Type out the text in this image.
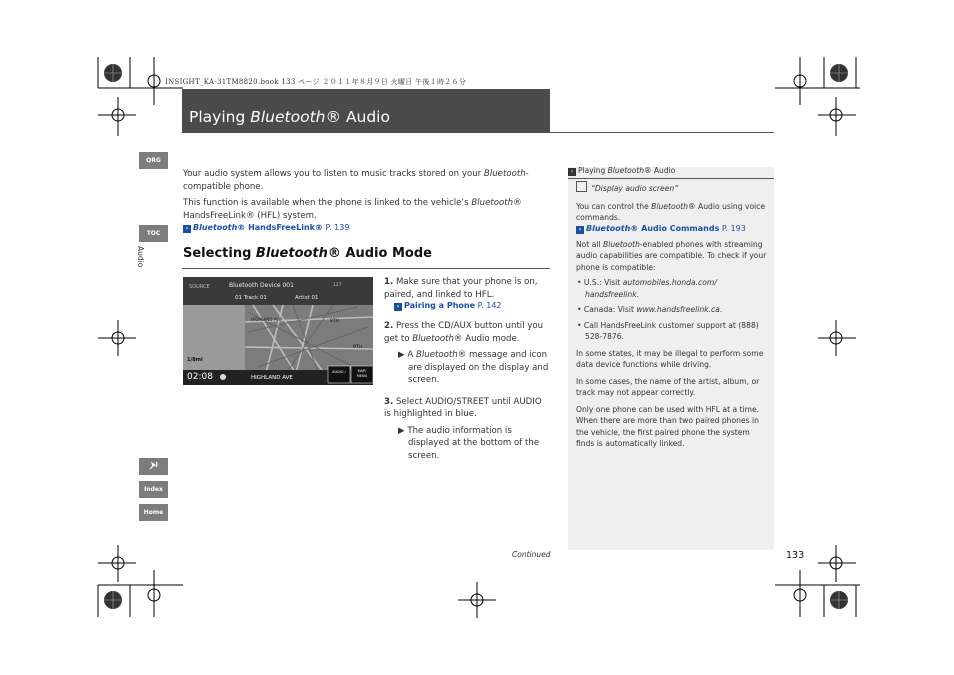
INSIGHT_KA-31TM8820.book 133 ページ ２０１１年８月９日 火曜日 午後１時２６分
Playing Bluetooth® Audio
QRG
TOC
Audio
Index
Home

Your audio system allows you to listen to music tracks stored on your Bluetooth-compatible phone.

This function is available when the phone is linked to the vehicle’s Bluetooth® HandsFreeLink® (HFL) system.

› Bluetooth® HandsFreeLink® P. 139
Selecting Bluetooth® Audio Mode
SOURCE	Bluetooth Device 001	127
01 Track 01	Artist 01
HIGHLAND AVE	8TH
9TH
1/8mi
02:08	HIGHLAND AVE
AUDIO /	MAP/ MENU

1. Make sure that your phone is on, paired, and linked to HFL.

› Pairing a Phone P. 142

2. Press the CD/AUX button until you get to Bluetooth® Audio mode.

▶ A Bluetooth® message and icon are displayed on the display and screen.

3. Select AUDIO/STREET until AUDIO is highlighted in blue.

▶ The audio information is displayed at the bottom of the screen.

› Playing Bluetooth® Audio

“Display audio screen”

You can control the Bluetooth® Audio using voice commands.

› Bluetooth® Audio Commands P. 193

Not all Bluetooth-enabled phones with streaming audio capabilities are compatible. To check if your phone is compatible:

• U.S.: Visit automobiles.honda.com/ handsfreelink.

• Canada: Visit www.handsfreelink.ca.

• Call HandsFreeLink customer support at (888) 528-7876.

In some states, it may be illegal to perform some data device functions while driving.

In some cases, the name of the artist, album, or track may not appear correctly.

Only one phone can be used with HFL at a time. When there are more than two paired phones in the vehicle, the first paired phone the system finds is automatically linked.

Continued	133
